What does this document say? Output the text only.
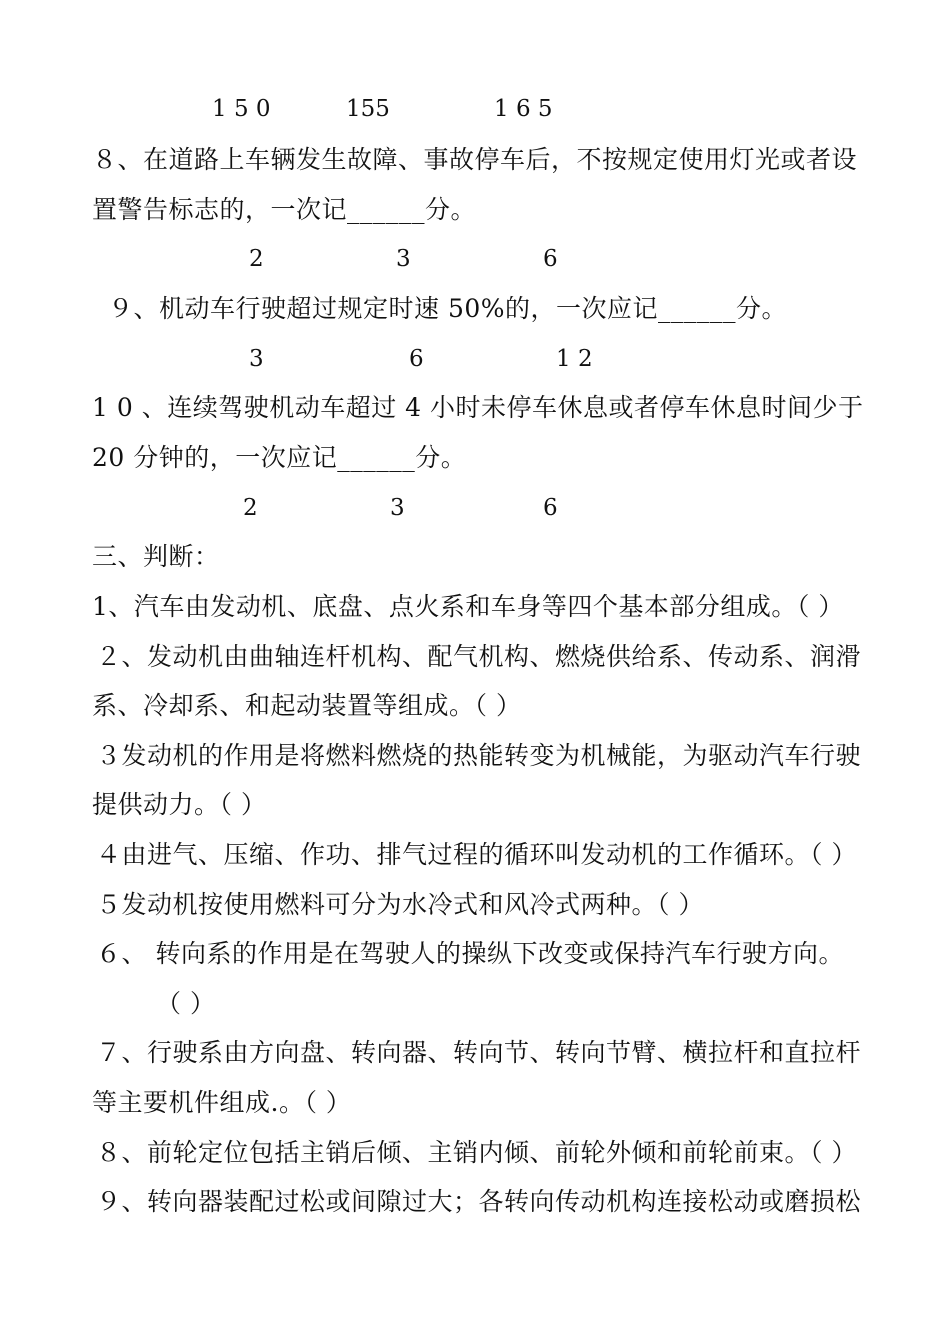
1 5 0	155	1 6 5
８、在道路上车辆发生故障、事故停车后，不按规定使用灯光或者设
置警告标志的，一次记______分。
2	3	6
９、机动车行驶超过规定时速 50%的，一次应记______分。
3	6	1 2
1 0 、连续驾驶机动车超过 4 小时未停车休息或者停车休息时间少于
20 分钟的，一次应记______分。
2	3	6
三、判断：
1、汽车由发动机、底盘、点火系和车身等四个基本部分组成。（ ）
２、发动机由曲轴连杆机构、配气机构、燃烧供给系、传动系、润滑
系、冷却系、和起动装置等组成。（ ）
３发动机的作用是将燃料燃烧的热能转变为机械能，为驱动汽车行驶
提供动力。（ ）
４由进气、压缩、作功、排气过程的循环叫发动机的工作循环。（ ）
５发动机按使用燃料可分为水冷式和风冷式两种。（ ）
６、 转向系的作用是在驾驶人的操纵下改变或保持汽车行驶方向。
（ ）
７、行驶系由方向盘、转向器、转向节、转向节臂、横拉杆和直拉杆
等主要机件组成.。（ ）
８、前轮定位包括主销后倾、主销内倾、前轮外倾和前轮前束。（ ）
９、转向器装配过松或间隙过大；各转向传动机构连接松动或磨损松
